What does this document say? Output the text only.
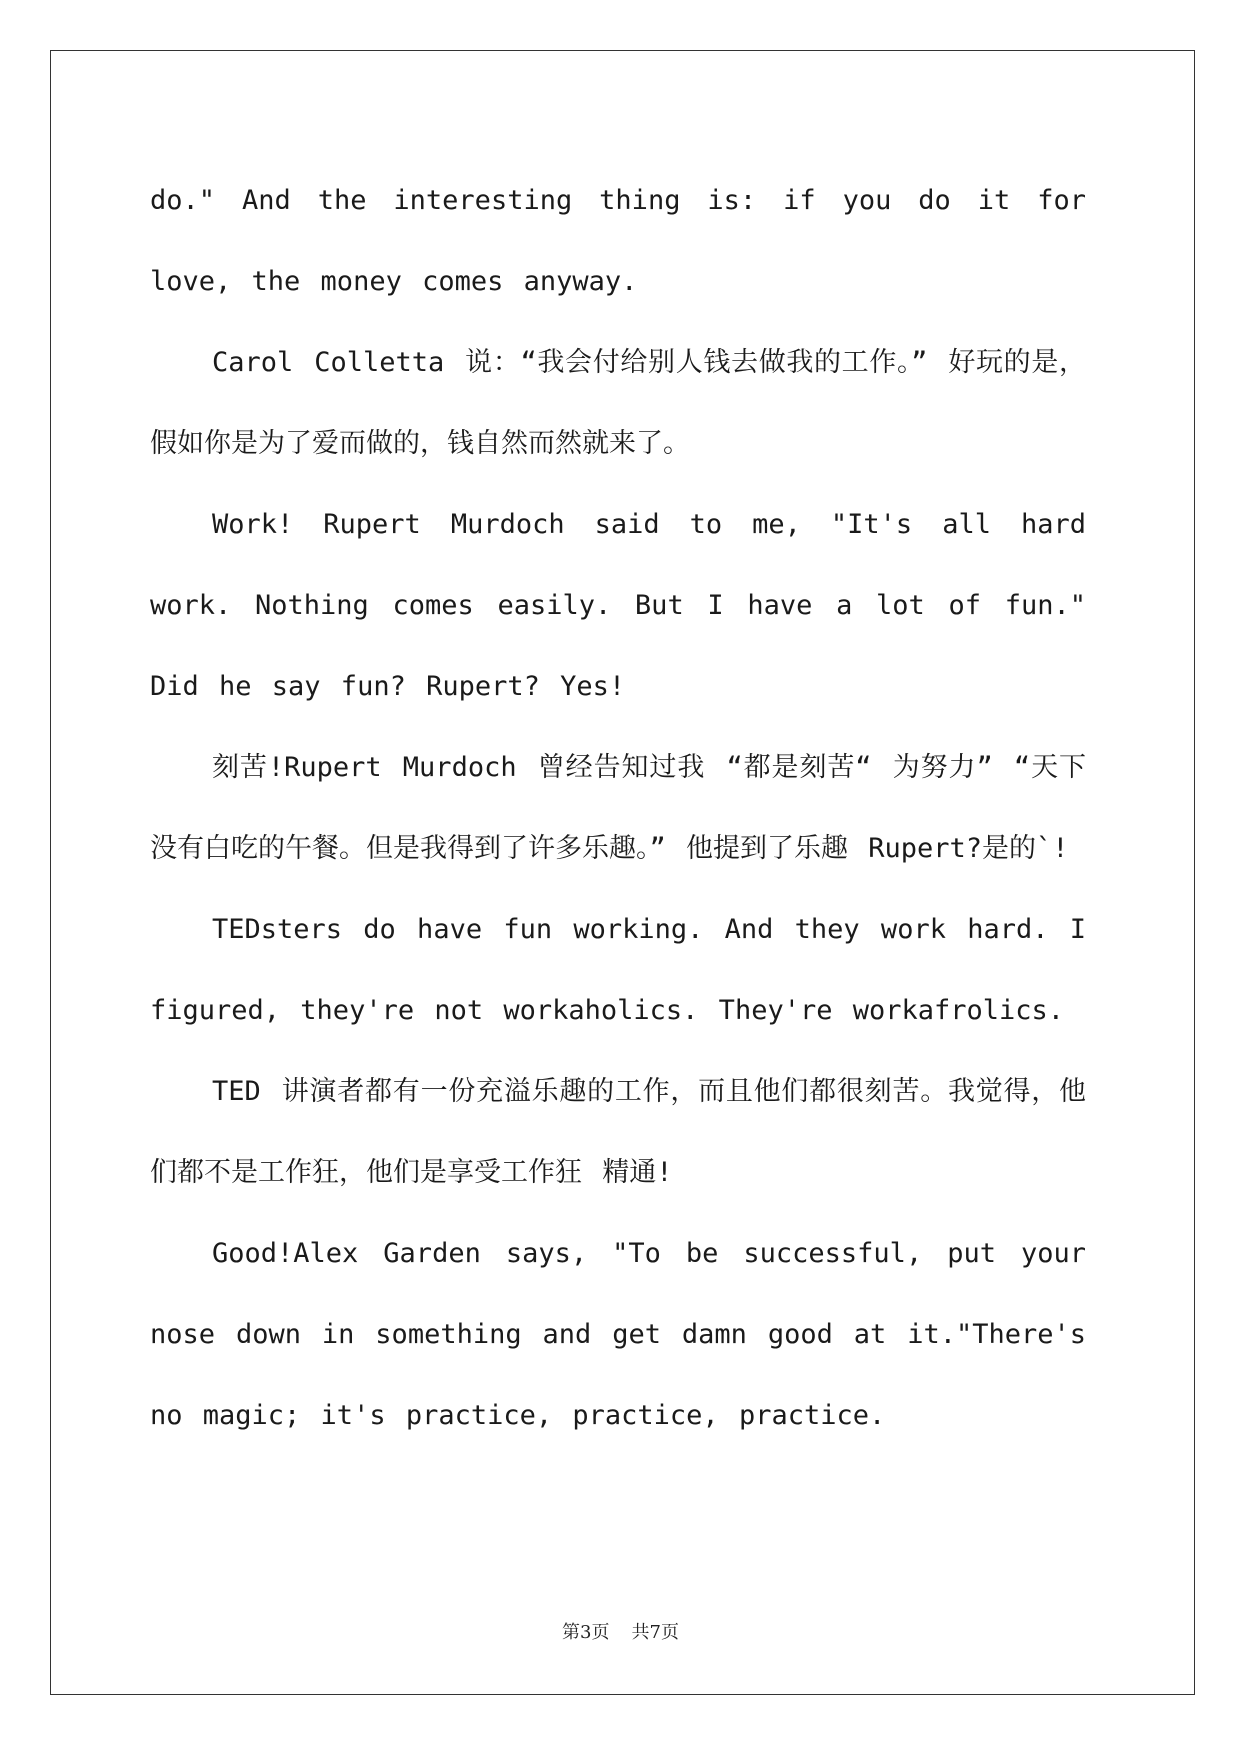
do." And the interesting thing is: if you do it for love, the money comes anyway.

Carol Colletta 说：“我会付给别人钱去做我的工作。” 好玩的是，假如你是为了爱而做的，钱自然而然就来了。

Work! Rupert Murdoch said to me, "It's all hard work. Nothing comes easily. But I have a lot of fun." Did he say fun? Rupert? Yes!

刻苦!Rupert Murdoch 曾经告知过我 “都是刻苦“ 为努力” “天下没有白吃的午餐。但是我得到了许多乐趣。” 他提到了乐趣 Rupert?是的`!

TEDsters do have fun working. And they work hard. I figured, they're not workaholics. They're workafrolics.

TED 讲演者都有一份充溢乐趣的工作，而且他们都很刻苦。我觉得，他们都不是工作狂，他们是享受工作狂 精通!

Good!Alex Garden says, "To be successful, put your nose down in something and get damn good at it."There's no magic; it's practice, practice, practice.

第3页 共7页
